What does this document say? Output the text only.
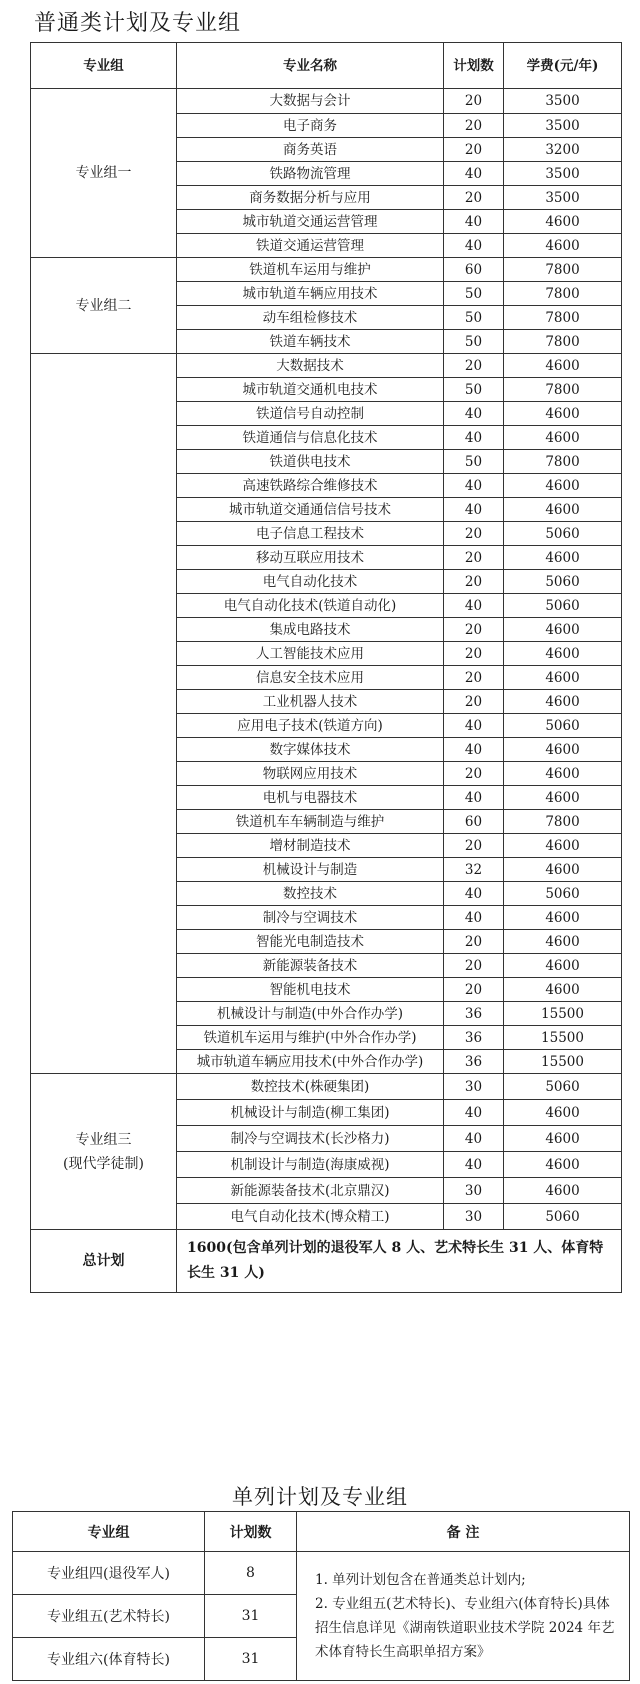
普通类计划及专业组
专业组	专业名称	计划数	学费(元/年)

专业组一	大数据与会计	20	3500
	电子商务	20	3500
	商务英语	20	3200
	铁路物流管理	40	3500
	商务数据分析与应用	20	3500
	城市轨道交通运营管理	40	4600
	铁道交通运营管理	40	4600

专业组二	铁道机车运用与维护	60	7800
	城市轨道车辆应用技术	50	7800
	动车组检修技术	50	7800
	铁道车辆技术	50	7800

	大数据技术	20	4600
	城市轨道交通机电技术	50	7800
	铁道信号自动控制	40	4600
	铁道通信与信息化技术	40	4600
	铁道供电技术	50	7800
	高速铁路综合维修技术	40	4600
	城市轨道交通通信信号技术	40	4600
	电子信息工程技术	20	5060
	移动互联应用技术	20	4600
	电气自动化技术	20	5060
	电气自动化技术(铁道自动化)	40	5060
	集成电路技术	20	4600
	人工智能技术应用	20	4600
	信息安全技术应用	20	4600
	工业机器人技术	20	4600
	应用电子技术(铁道方向)	40	5060
	数字媒体技术	40	4600
	物联网应用技术	20	4600
	电机与电器技术	40	4600
	铁道机车车辆制造与维护	60	7800
	增材制造技术	20	4600
	机械设计与制造	32	4600
	数控技术	40	5060
	制冷与空调技术	40	4600
	智能光电制造技术	20	4600
	新能源装备技术	20	4600
	智能机电技术	20	4600
	机械设计与制造(中外合作办学)	36	15500
	铁道机车运用与维护(中外合作办学)	36	15500
	城市轨道车辆应用技术(中外合作办学)	36	15500

专业组三
(现代学徒制)	数控技术(株硬集团)	30	5060
	机械设计与制造(柳工集团)	40	4600
	制冷与空调技术(长沙格力)	40	4600
	机制设计与制造(海康威视)	40	4600
	新能源装备技术(北京鼎汉)	30	4600
	电气自动化技术(博众精工)	30	5060
总计划	1600(包含单列计划的退役军人 8 人、艺术特长生 31 人、体育特长生 31 人)		
单列计划及专业组
专业组	计划数	备 注
专业组四(退役军人)	8	1. 单列计划包含在普通类总计划内;
2. 专业组五(艺术特长)、专业组六(体育特长)具体招生信息详见《湖南铁道职业技术学院 2024 年艺术体育特长生高职单招方案》

专业组五(艺术特长)	31	
专业组六(体育特长)	31	
